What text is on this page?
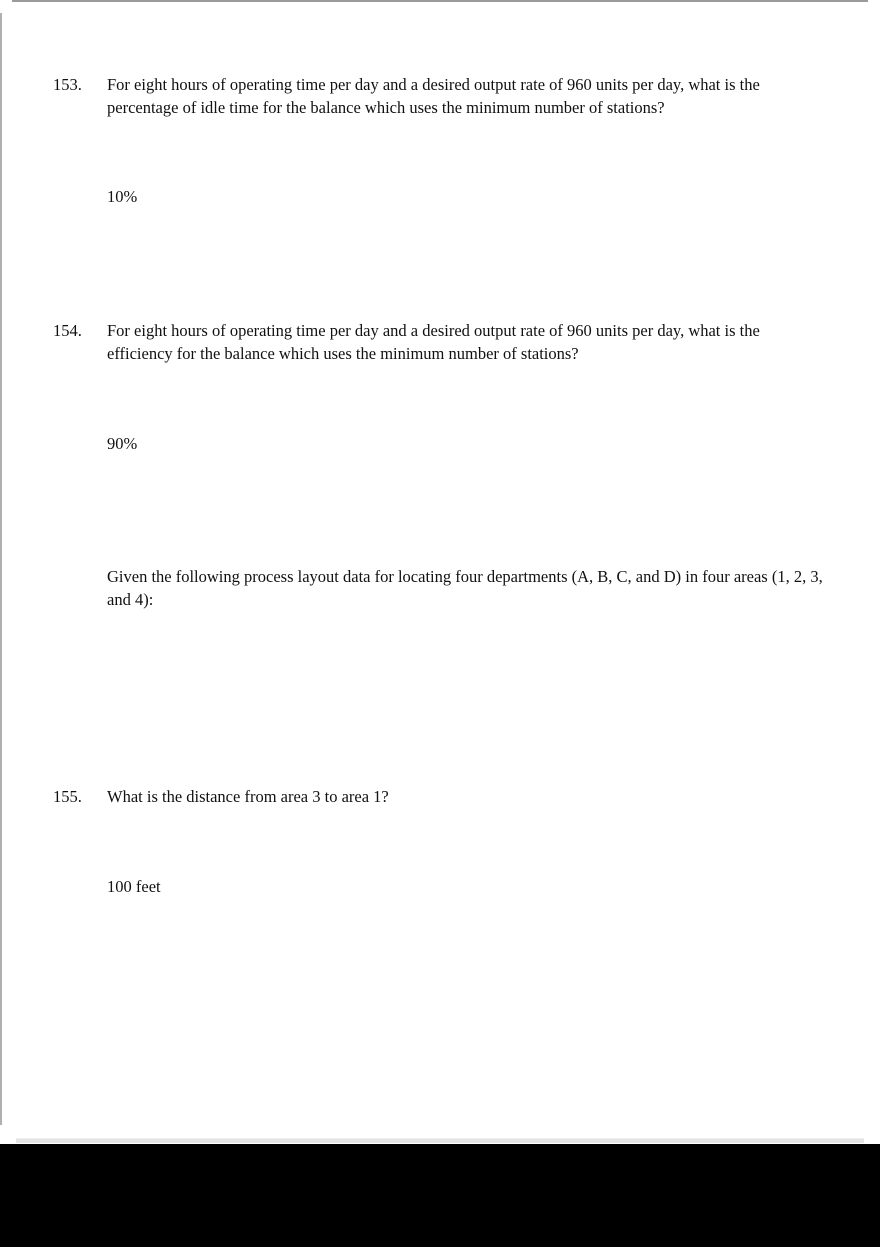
153. For eight hours of operating time per day and a desired output rate of 960 units per day, what is the percentage of idle time for the balance which uses the minimum number of stations?
10%
154. For eight hours of operating time per day and a desired output rate of 960 units per day, what is the efficiency for the balance which uses the minimum number of stations?
90%
Given the following process layout data for locating four departments (A, B, C, and D) in four areas (1, 2, 3, and 4):
155. What is the distance from area 3 to area 1?
100 feet
